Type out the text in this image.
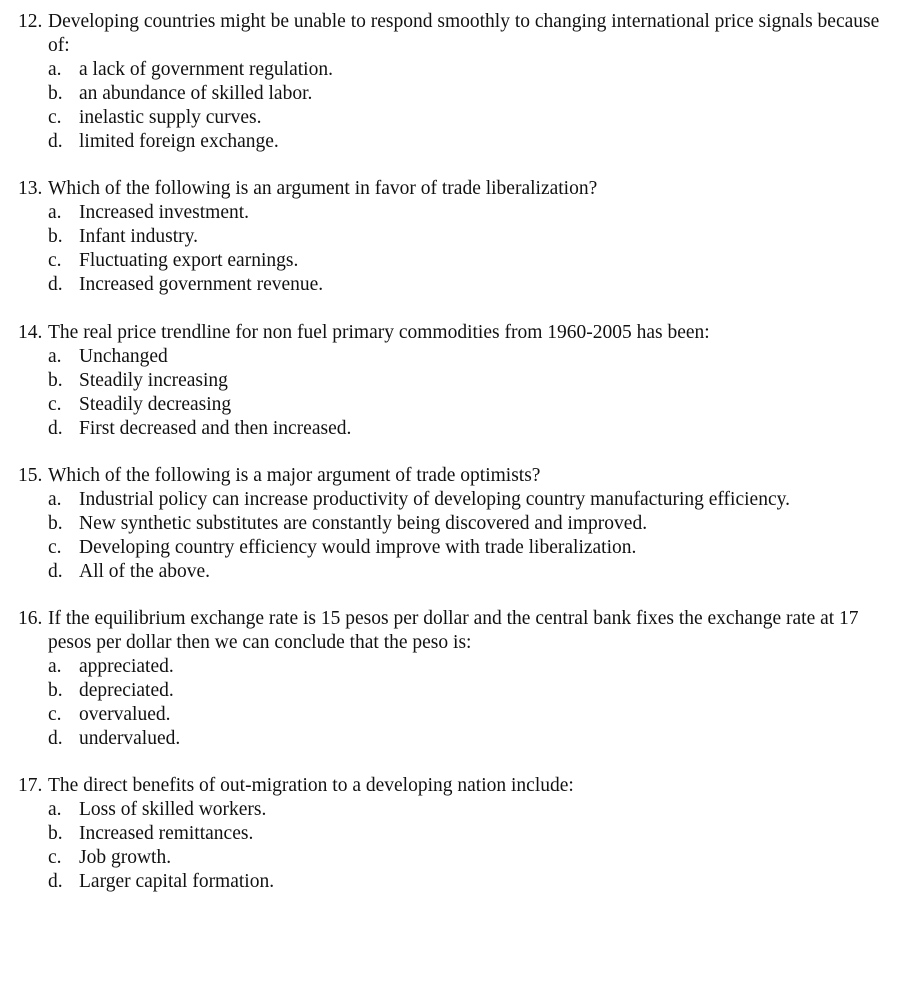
12. Developing countries might be unable to respond smoothly to changing international price signals because of:
a. a lack of government regulation.
b. an abundance of skilled labor.
c. inelastic supply curves.
d. limited foreign exchange.
13. Which of the following is an argument in favor of trade liberalization?
a. Increased investment.
b. Infant industry.
c. Fluctuating export earnings.
d. Increased government revenue.
14. The real price trendline for non fuel primary commodities from 1960-2005 has been:
a. Unchanged
b. Steadily increasing
c. Steadily decreasing
d. First decreased and then increased.
15. Which of the following is a major argument of trade optimists?
a. Industrial policy can increase productivity of developing country manufacturing efficiency.
b. New synthetic substitutes are constantly being discovered and improved.
c. Developing country efficiency would improve with trade liberalization.
d. All of the above.
16. If the equilibrium exchange rate is 15 pesos per dollar and the central bank fixes the exchange rate at 17 pesos per dollar then we can conclude that the peso is:
a. appreciated.
b. depreciated.
c. overvalued.
d. undervalued.
17. The direct benefits of out-migration to a developing nation include:
a. Loss of skilled workers.
b. Increased remittances.
c. Job growth.
d. Larger capital formation.
